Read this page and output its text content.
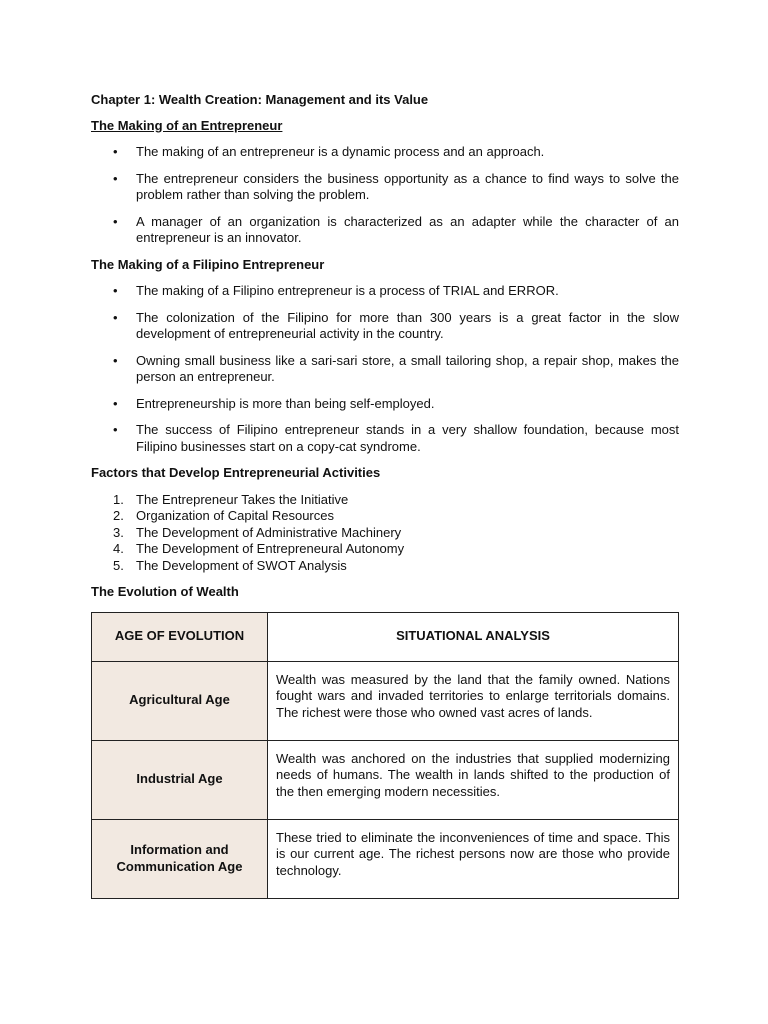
Chapter 1: Wealth Creation: Management and its Value
The Making of an Entrepreneur
• The making of an entrepreneur is a dynamic process and an approach.
• The entrepreneur considers the business opportunity as a chance to find ways to solve the problem rather than solving the problem.
• A manager of an organization is characterized as an adapter while the character of an entrepreneur is an innovator.
The Making of a Filipino Entrepreneur
• The making of a Filipino entrepreneur is a process of TRIAL and ERROR.
• The colonization of the Filipino for more than 300 years is a great factor in the slow development of entrepreneurial activity in the country.
• Owning small business like a sari-sari store, a small tailoring shop, a repair shop, makes the person an entrepreneur.
• Entrepreneurship is more than being self-employed.
• The success of Filipino entrepreneur stands in a very shallow foundation, because most Filipino businesses start on a copy-cat syndrome.
Factors that Develop Entrepreneurial Activities
1. The Entrepreneur Takes the Initiative
2. Organization of Capital Resources
3. The Development of Administrative Machinery
4. The Development of Entrepreneural Autonomy
5. The Development of SWOT Analysis
The Evolution of Wealth
AGE OF EVOLUTION	SITUATIONAL ANALYSIS
Agricultural Age	Wealth was measured by the land that the family owned. Nations fought wars and invaded territories to enlarge territorials domains. The richest were those who owned vast acres of lands.
Industrial Age	Wealth was anchored on the industries that supplied modernizing needs of humans. The wealth in lands shifted to the production of the then emerging modern necessities.
Information and Communication Age	These tried to eliminate the inconveniences of time and space. This is our current age. The richest persons now are those who provide technology.
